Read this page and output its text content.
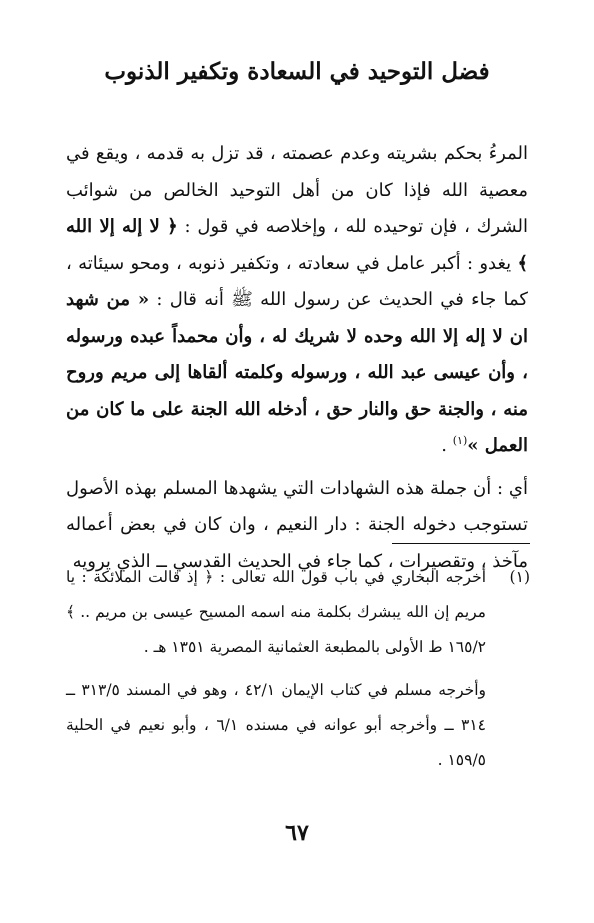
فضل التوحيد في السعادة وتكفير الذنوب

المرءُ بحكم بشريته وعدم عصمته ، قد تزل به قدمه ، ويقع في معصية الله فإذا كان من أهل التوحيد الخالص من شوائب الشرك ، فإن توحيده لله ، وإخلاصه في قول : ﴿ لا إله إلا الله ﴾ يغدو : أكبر عامل في سعادته ، وتكفير ذنوبه ، ومحو سيئاته ، كما جاء في الحديث عن رسول الله ﷺ أنه قال : « من شهد ان لا إله إلا الله وحده لا شريك له ، وأن محمداً عبده ورسوله ، وأن عيسى عبد الله ، ورسوله وكلمته ألقاها إلى مريم وروح منه ، والجنة حق والنار حق ، أدخله الله الجنة على ما كان من العمل »$^{(١)}$ .

أي : أن جملة هذه الشهادات التي يشهدها المسلم بهذه الأصول تستوجب دخوله الجنة : دار النعيم ، وان كان في بعض أعماله مآخذ ، وتقصيرات ، كما جاء في الحديث القدسي ــ الذي يرويه

(١)

أخرجه البخاري في باب قول الله تعالى : ﴿ إذ قالت الملائكة : يا مريم إن الله يبشرك بكلمة منه اسمه المسيح عيسى بن مريم .. ﴾ ١٦٥/٢ ط الأولى بالمطبعة العثمانية المصرية ١٣٥١ هـ .

وأخرجه مسلم في كتاب الإيمان ٤٢/١ ، وهو في المسند ٣١٣/٥ ــ ٣١٤ ــ وأخرجه أبو عوانه في مسنده ٦/١ ، وأبو نعيم في الحلية ١٥٩/٥ .

٦٧
